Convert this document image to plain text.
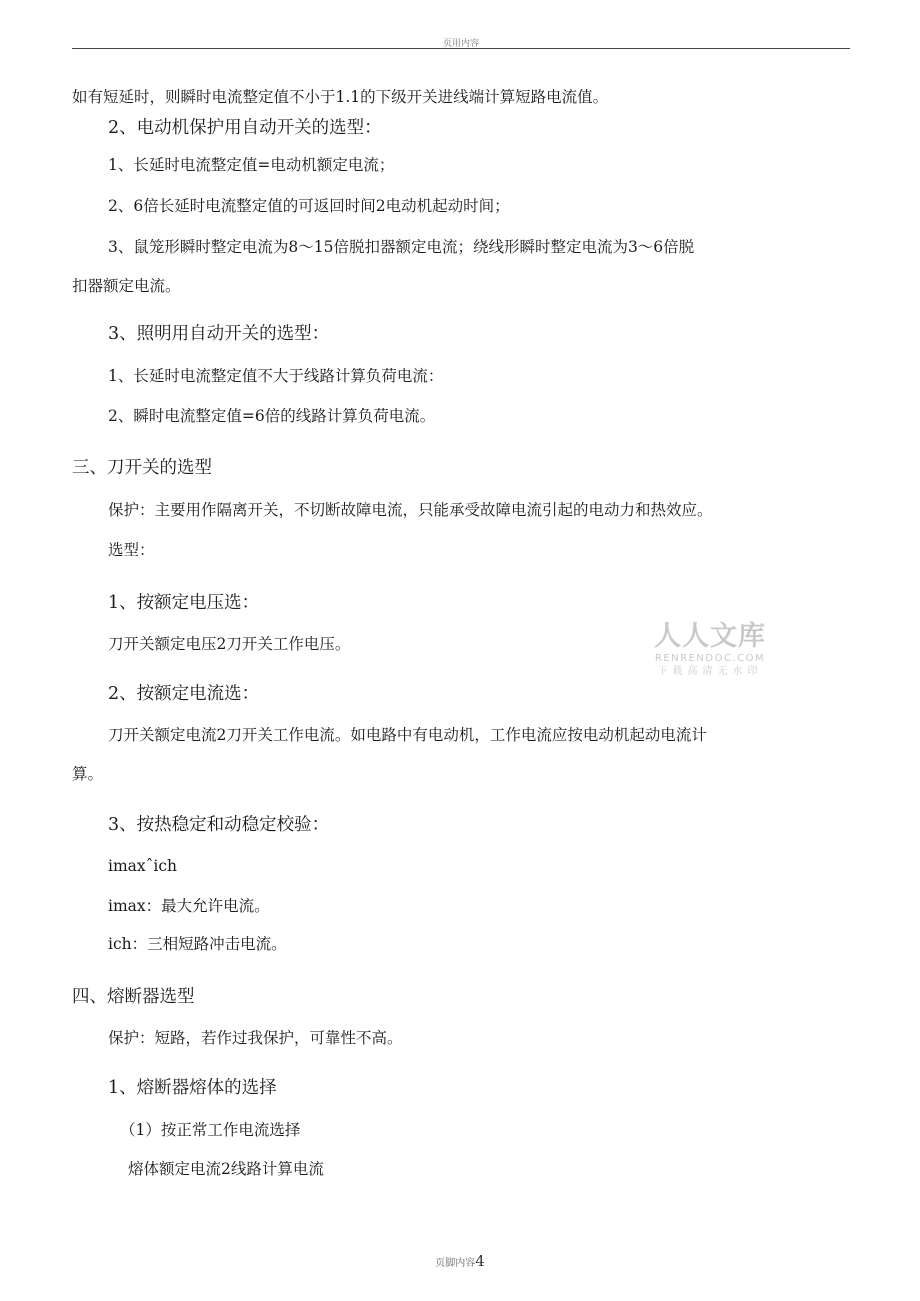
页用内容
如有短延时，则瞬时电流整定值不小于1.1的下级开关进线端计算短路电流值。
2、电动机保护用自动开关的选型：
1、长延时电流整定值=电动机额定电流；
2、6倍长延时电流整定值的可返回时间2电动机起动时间；
3、鼠笼形瞬时整定电流为8～15倍脱扣器额定电流；绕线形瞬时整定电流为3～6倍脱
扣器额定电流。
3、照明用自动开关的选型：
1、长延时电流整定值不大于线路计算负荷电流：
2、瞬时电流整定值=6倍的线路计算负荷电流。
三、刀开关的选型
保护：主要用作隔离开关，不切断故障电流，只能承受故障电流引起的电动力和热效应。
选型：
1、按额定电压选：
刀开关额定电压2刀开关工作电压。
2、按额定电流选：
刀开关额定电流2刀开关工作电流。如电路中有电动机，工作电流应按电动机起动电流计
算。
3、按热稳定和动稳定校验：
imaxˆich
imax：最大允许电流。
ich：三相短路冲击电流。
四、熔断器选型
保护：短路，若作过我保护，可靠性不高。
1、熔断器熔体的选择
（1）按正常工作电流选择
熔体额定电流2线路计算电流
人人文库
RENRENDOC.COM
下载高清无水印
页脚内容4
